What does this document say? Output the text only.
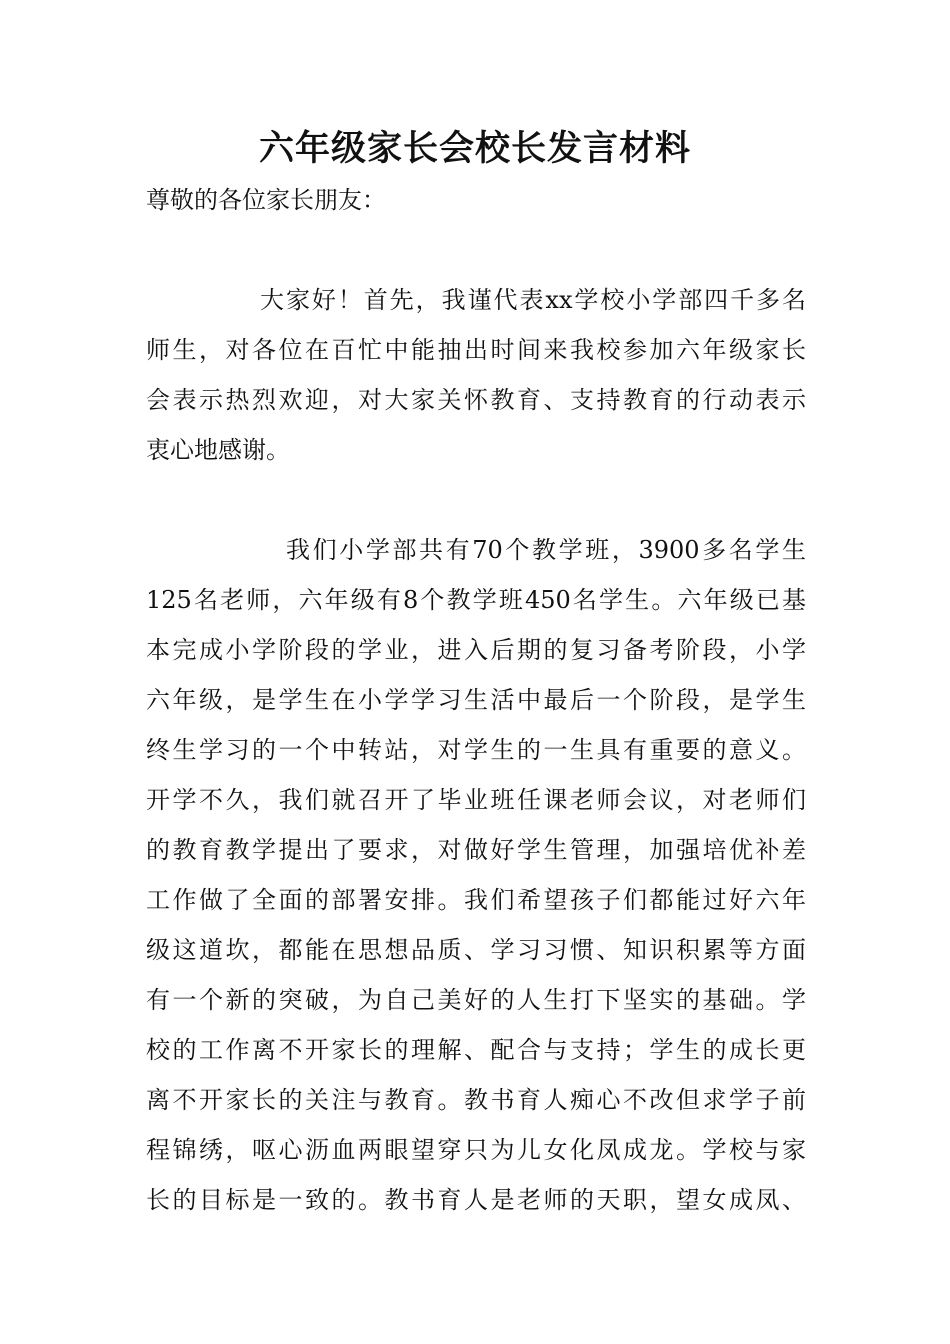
六年级家长会校长发言材料
尊敬的各位家长朋友：
大家好！首先，我谨代表xx学校小学部四千多名
师生，对各位在百忙中能抽出时间来我校参加六年级家长
会表示热烈欢迎，对大家关怀教育、支持教育的行动表示
衷心地感谢。
我们小学部共有70个教学班，3900多名学生
125名老师，六年级有8个教学班450名学生。六年级已基
本完成小学阶段的学业，进入后期的复习备考阶段，小学
六年级，是学生在小学学习生活中最后一个阶段，是学生
终生学习的一个中转站，对学生的一生具有重要的意义。
开学不久，我们就召开了毕业班任课老师会议，对老师们
的教育教学提出了要求，对做好学生管理，加强培优补差
工作做了全面的部署安排。我们希望孩子们都能过好六年
级这道坎，都能在思想品质、学习习惯、知识积累等方面
有一个新的突破，为自己美好的人生打下坚实的基础。学
校的工作离不开家长的理解、配合与支持；学生的成长更
离不开家长的关注与教育。教书育人痴心不改但求学子前
程锦绣，呕心沥血两眼望穿只为儿女化凤成龙。学校与家
长的目标是一致的。教书育人是老师的天职，望女成凤、
